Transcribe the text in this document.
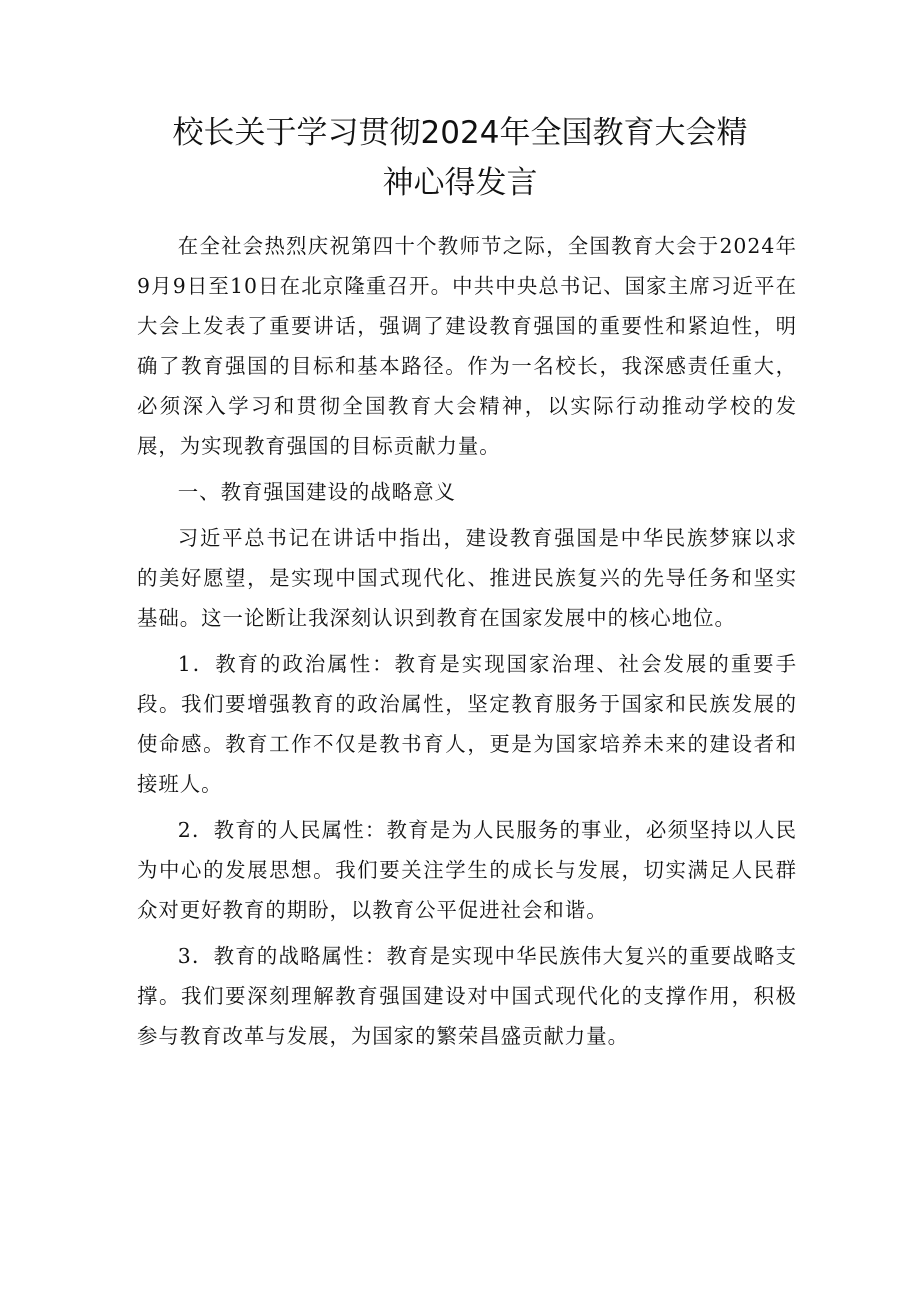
校长关于学习贯彻2024年全国教育大会精
神心得发言

在全社会热烈庆祝第四十个教师节之际，全国教育大会于2024年9月9日至10日在北京隆重召开。中共中央总书记、国家主席习近平在大会上发表了重要讲话，强调了建设教育强国的重要性和紧迫性，明确了教育强国的目标和基本路径。作为一名校长，我深感责任重大，必须深入学习和贯彻全国教育大会精神，以实际行动推动学校的发展，为实现教育强国的目标贡献力量。

一、教育强国建设的战略意义

习近平总书记在讲话中指出，建设教育强国是中华民族梦寐以求的美好愿望，是实现中国式现代化、推进民族复兴的先导任务和坚实基础。这一论断让我深刻认识到教育在国家发展中的核心地位。

1．教育的政治属性：教育是实现国家治理、社会发展的重要手段。我们要增强教育的政治属性，坚定教育服务于国家和民族发展的使命感。教育工作不仅是教书育人，更是为国家培养未来的建设者和接班人。

2．教育的人民属性：教育是为人民服务的事业，必须坚持以人民为中心的发展思想。我们要关注学生的成长与发展，切实满足人民群众对更好教育的期盼，以教育公平促进社会和谐。

3．教育的战略属性：教育是实现中华民族伟大复兴的重要战略支撑。我们要深刻理解教育强国建设对中国式现代化的支撑作用，积极参与教育改革与发展，为国家的繁荣昌盛贡献力量。
